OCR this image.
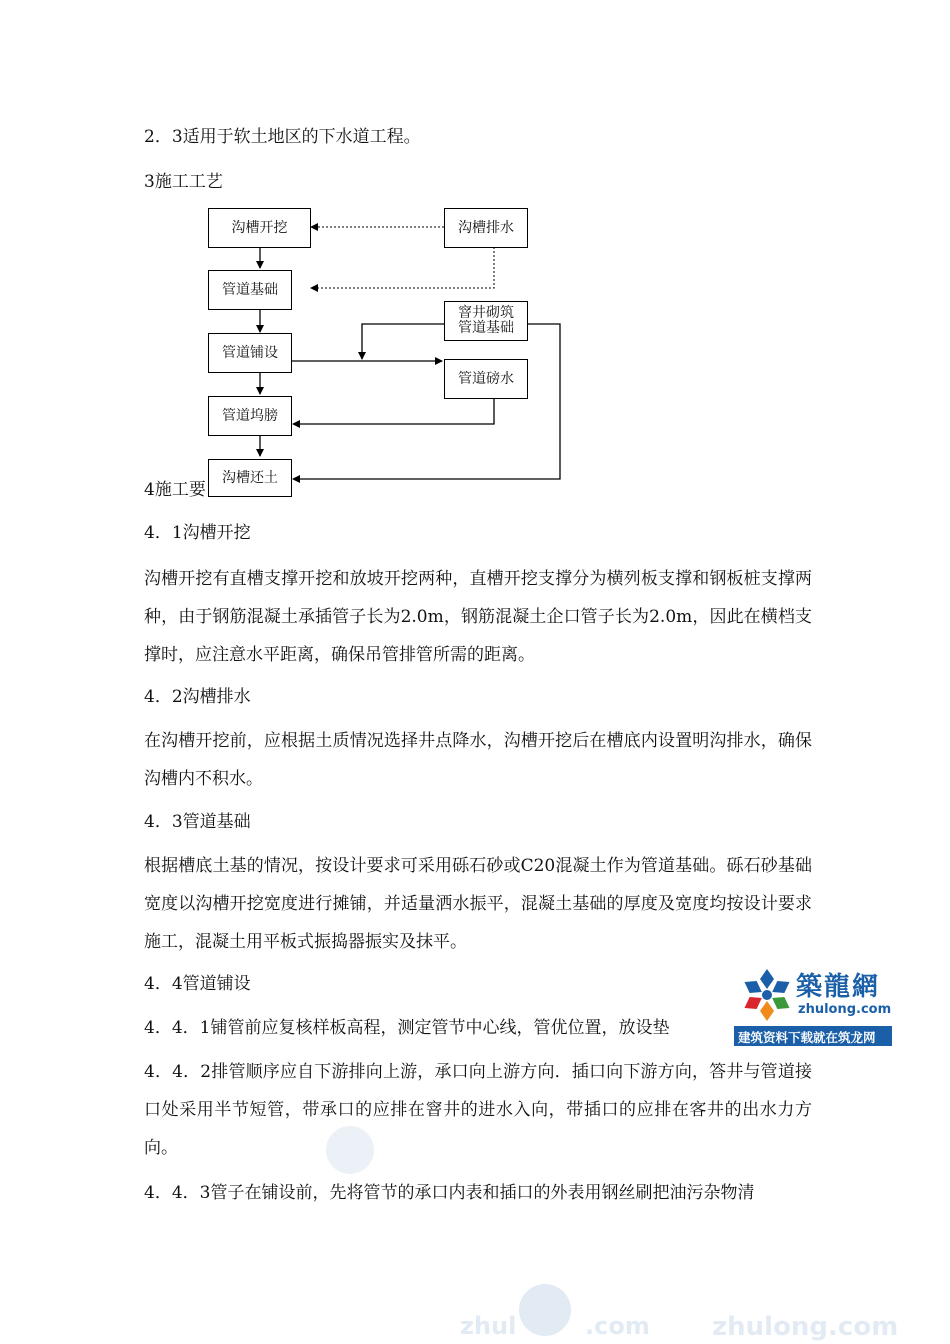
2．3适用于软土地区的下水道工程。
3施工工艺
沟槽开挖
管道基础
管道铺设
管道坞膀
沟槽还土
沟槽排水
窨井砌筑
管道基础
管道磅水
4施工要
4．1沟槽开挖
沟槽开挖有直槽支撑开挖和放坡开挖两种，直槽开挖支撑分为横列板支撑和钢板桩支撑两种，由于钢筋混凝土承插管子长为2.0m，钢筋混凝土企口管子长为2.0m，因此在横档支撑时，应注意水平距离，确保吊管排管所需的距离。
4．2沟槽排水
在沟槽开挖前，应根据土质情况选择井点降水，沟槽开挖后在槽底内设置明沟排水，确保沟槽内不积水。
4．3管道基础
根据槽底土基的情况，按设计要求可采用砾石砂或C20混凝土作为管道基础。砾石砂基础宽度以沟槽开挖宽度进行摊铺，并适量洒水振平，混凝土基础的厚度及宽度均按设计要求施工，混凝土用平板式振捣器振实及抹平。
4．4管道铺设
4．4．1铺管前应复核样板高程，测定管节中心线，管优位置，放设垫
4．4．2排管顺序应自下游排向上游，承口向上游方向．插口向下游方向，答井与管道接口处采用半节短管，带承口的应排在窨井的进水入向，带插口的应排在客井的出水力方向。
4．4．3管子在铺设前，先将管节的承口内表和插口的外表用钢丝刷把油污杂物清
築龍網
zhulong.com
建筑资料下载就在筑龙网
zhul	.com zhulong.com
